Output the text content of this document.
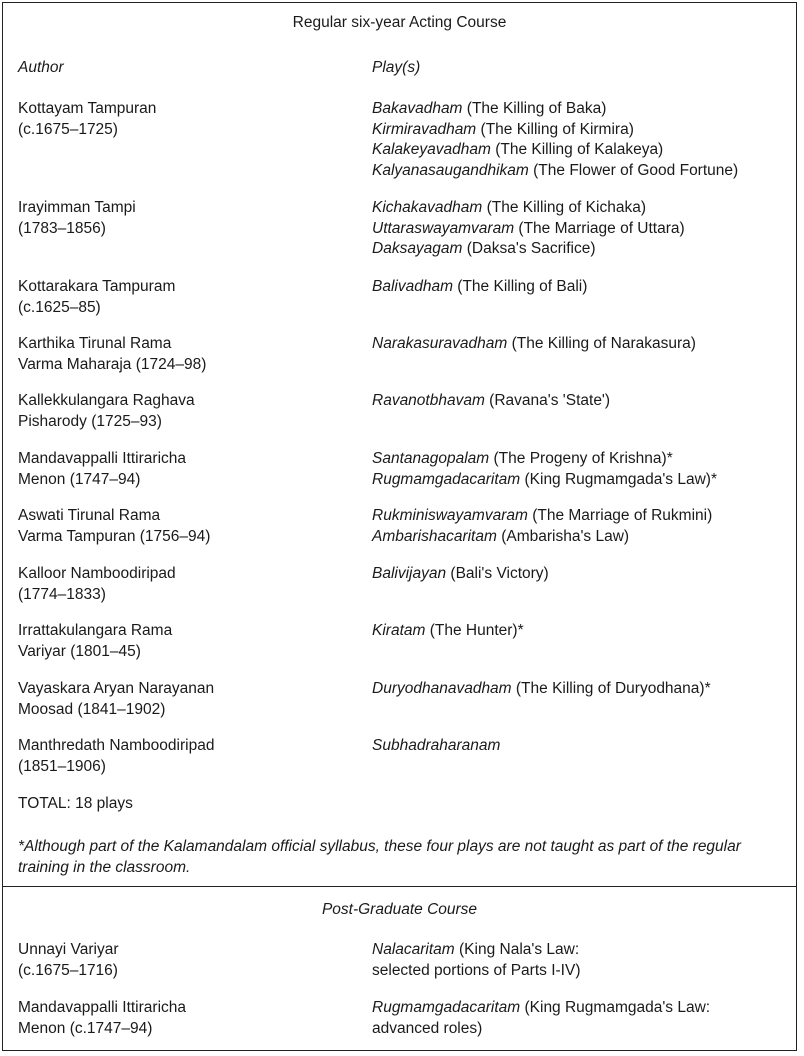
Regular six-year Acting Course
Author	Play(s)
Kottayam Tampuran
(c.1675–1725)
Bakavadham (The Killing of Baka)
Kirmiravadham (The Killing of Kirmira)
Kalakeyavadham (The Killing of Kalakeya)
Kalyanasaugandhikam (The Flower of Good Fortune)
Irayimman Tampi
(1783–1856)
Kichakavadham (The Killing of Kichaka)
Uttaraswayamvaram (The Marriage of Uttara)
Daksayagam (Daksa's Sacrifice)
Kottarakara Tampuram
(c.1625–85)
Balivadham (The Killing of Bali)
Karthika Tirunal Rama
Varma Maharaja (1724–98)
Narakasuravadham (The Killing of Narakasura)
Kallekkulangara Raghava
Pisharody (1725–93)
Ravanotbhavam (Ravana's 'State')
Mandavappalli Ittiraricha
Menon (1747–94)
Santanagopalam (The Progeny of Krishna)*
Rugmamgadacaritam (King Rugmamgada's Law)*
Aswati Tirunal Rama
Varma Tampuran (1756–94)
Rukminiswayamvaram (The Marriage of Rukmini)
Ambarishacaritam (Ambarisha's Law)
Kalloor Namboodiripad
(1774–1833)
Balivijayan (Bali's Victory)
Irrattakulangara Rama
Variyar (1801–45)
Kiratam (The Hunter)*
Vayaskara Aryan Narayanan
Moosad (1841–1902)
Duryodhanavadham (The Killing of Duryodhana)*
Manthredath Namboodiripad
(1851–1906)
Subhadraharanam
TOTAL: 18 plays
*Although part of the Kalamandalam official syllabus, these four plays are not taught as part of the regular training in the classroom.
Post-Graduate Course
Unnayi Variyar
(c.1675–1716)
Nalacaritam (King Nala's Law:
selected portions of Parts I-IV)
Mandavappalli Ittiraricha
Menon (c.1747–94)
Rugmamgadacaritam (King Rugmamgada's Law:
advanced roles)
